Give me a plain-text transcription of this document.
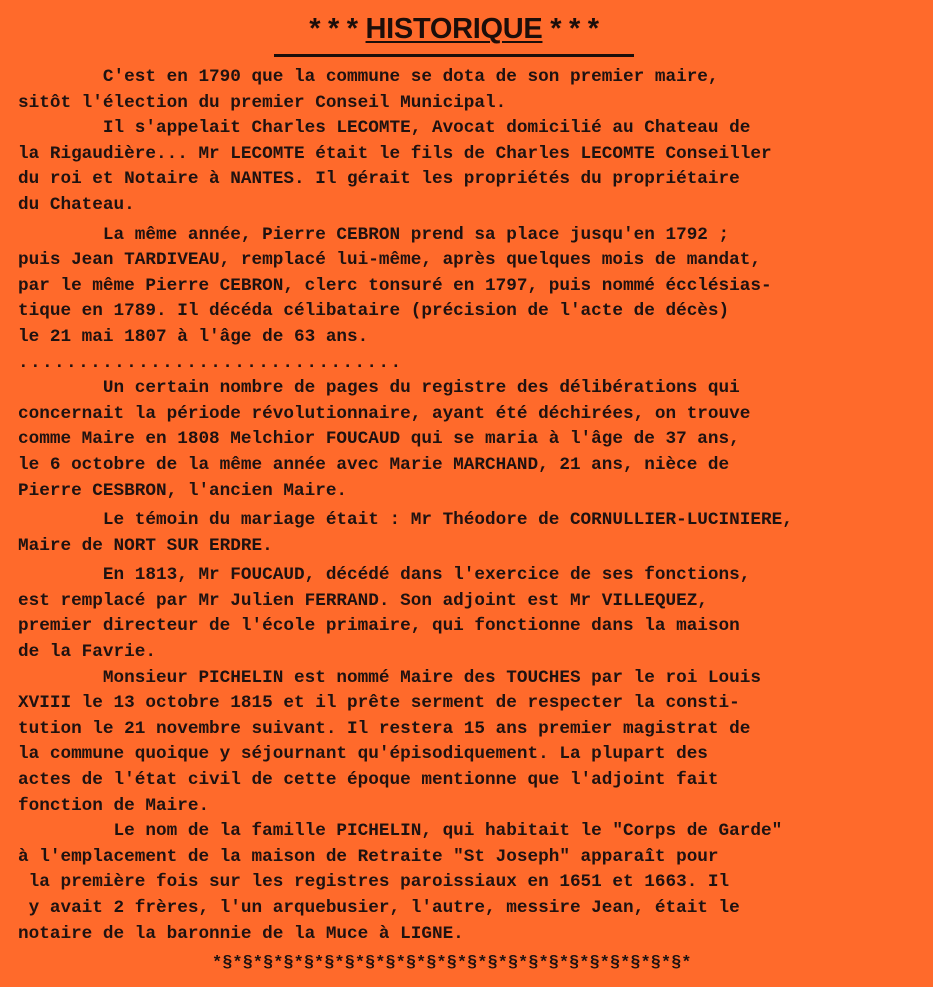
* * * HISTORIQUE * * *
C'est en 1790 que la commune se dota de son premier maire,
sitôt l'élection du premier Conseil Municipal.
Il s'appelait Charles LECOMTE, Avocat domicilié au Chateau de
la Rigaudière... Mr LECOMTE était le fils de Charles LECOMTE Conseiller
du roi et Notaire à NANTES. Il gérait les propriétés du propriétaire
du Chateau.
La même année, Pierre CEBRON prend sa place jusqu'en 1792 ;
puis Jean TARDIVEAU, remplacé lui-même, après quelques mois de mandat,
par le même Pierre CEBRON, clerc tonsuré en 1797, puis nommé écclésias-
tique en 1789. Il décéda célibataire (précision de l'acte de décès)
le 21 mai 1807 à l'âge de 63 ans.
................................
Un certain nombre de pages du registre des délibérations qui
concernait la période révolutionnaire, ayant été déchirées, on trouve
comme Maire en 1808 Melchior FOUCAUD qui se maria à l'âge de 37 ans,
le 6 octobre de la même année avec Marie MARCHAND, 21 ans, nièce de
Pierre CESBRON, l'ancien Maire.
Le témoin du mariage était : Mr Théodore de CORNULLIER-LUCINIERE,
Maire de NORT SUR ERDRE.
En 1813, Mr FOUCAUD, décédé dans l'exercice de ses fonctions,
est remplacé par Mr Julien FERRAND. Son adjoint est Mr VILLEQUEZ,
premier directeur de l'école primaire, qui fonctionne dans la maison
de la Favrie.
Monsieur PICHELIN est nommé Maire des TOUCHES par le roi Louis
XVIII le 13 octobre 1815 et il prête serment de respecter la consti-
tution le 21 novembre suivant. Il restera 15 ans premier magistrat de
la commune quoique y séjournant qu'épisodiquement. La plupart des
actes de l'état civil de cette époque mentionne que l'adjoint fait
fonction de Maire.
Le nom de la famille PICHELIN, qui habitait le "Corps de Garde"
à l'emplacement de la maison de Retraite "St Joseph" apparaît pour
la première fois sur les registres paroissiaux en 1651 et 1663. Il
y avait 2 frères, l'un arquebusier, l'autre, messire Jean, était le
notaire de la baronnie de la Muce à LIGNE.
*§*§*§*§*§*§*§*§*§*§*§*§*§*§*§*§*§*§*§*§*§*§*§*
